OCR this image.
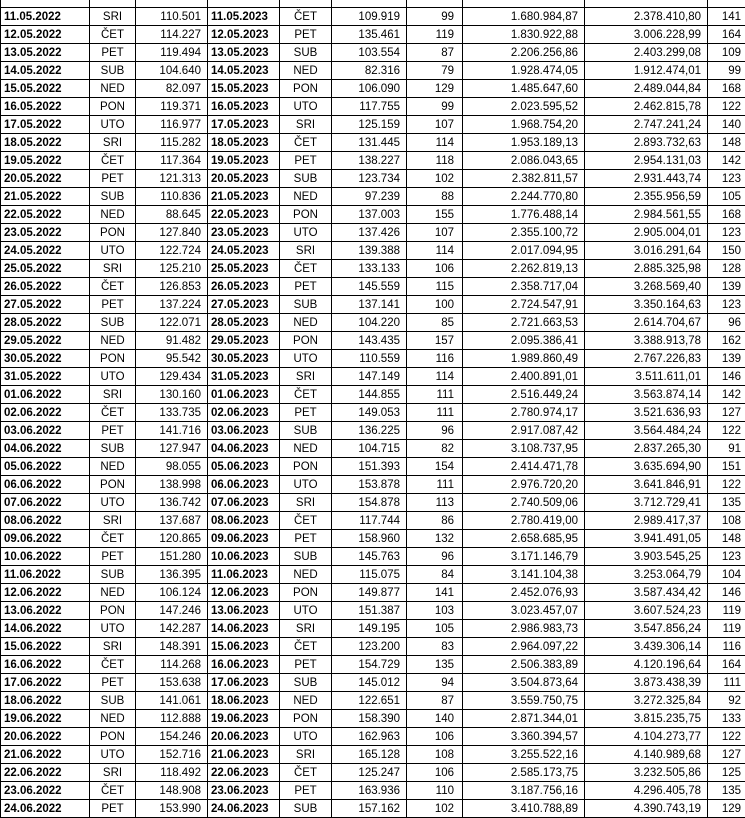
11.05.2022	SRI	110.501	11.05.2023	ČET	109.919	99	1.680.984,87	2.378.410,80	141
12.05.2022	ČET	114.227	12.05.2023	PET	135.461	119	1.830.922,88	3.006.228,99	164
13.05.2022	PET	119.494	13.05.2023	SUB	103.554	87	2.206.256,86	2.403.299,08	109
14.05.2022	SUB	104.640	14.05.2023	NED	82.316	79	1.928.474,05	1.912.474,01	99
15.05.2022	NED	82.097	15.05.2023	PON	106.090	129	1.485.647,60	2.489.044,84	168
16.05.2022	PON	119.371	16.05.2023	UTO	117.755	99	2.023.595,52	2.462.815,78	122
17.05.2022	UTO	116.977	17.05.2023	SRI	125.159	107	1.968.754,20	2.747.241,24	140
18.05.2022	SRI	115.282	18.05.2023	ČET	131.445	114	1.953.189,13	2.893.732,63	148
19.05.2022	ČET	117.364	19.05.2023	PET	138.227	118	2.086.043,65	2.954.131,03	142
20.05.2022	PET	121.313	20.05.2023	SUB	123.734	102	2.382.811,57	2.931.443,74	123
21.05.2022	SUB	110.836	21.05.2023	NED	97.239	88	2.244.770,80	2.355.956,59	105
22.05.2022	NED	88.645	22.05.2023	PON	137.003	155	1.776.488,14	2.984.561,55	168
23.05.2022	PON	127.840	23.05.2023	UTO	137.426	107	2.355.100,72	2.905.004,01	123
24.05.2022	UTO	122.724	24.05.2023	SRI	139.388	114	2.017.094,95	3.016.291,64	150
25.05.2022	SRI	125.210	25.05.2023	ČET	133.133	106	2.262.819,13	2.885.325,98	128
26.05.2022	ČET	126.853	26.05.2023	PET	145.559	115	2.358.717,04	3.268.569,40	139
27.05.2022	PET	137.224	27.05.2023	SUB	137.141	100	2.724.547,91	3.350.164,63	123
28.05.2022	SUB	122.071	28.05.2023	NED	104.220	85	2.721.663,53	2.614.704,67	96
29.05.2022	NED	91.482	29.05.2023	PON	143.435	157	2.095.386,41	3.388.913,78	162
30.05.2022	PON	95.542	30.05.2023	UTO	110.559	116	1.989.860,49	2.767.226,83	139
31.05.2022	UTO	129.434	31.05.2023	SRI	147.149	114	2.400.891,01	3.511.611,01	146
01.06.2022	SRI	130.160	01.06.2023	ČET	144.855	111	2.516.449,24	3.563.874,14	142
02.06.2022	ČET	133.735	02.06.2023	PET	149.053	111	2.780.974,17	3.521.636,93	127
03.06.2022	PET	141.716	03.06.2023	SUB	136.225	96	2.917.087,42	3.564.484,24	122
04.06.2022	SUB	127.947	04.06.2023	NED	104.715	82	3.108.737,95	2.837.265,30	91
05.06.2022	NED	98.055	05.06.2023	PON	151.393	154	2.414.471,78	3.635.694,90	151
06.06.2022	PON	138.998	06.06.2023	UTO	153.878	111	2.976.720,20	3.641.846,91	122
07.06.2022	UTO	136.742	07.06.2023	SRI	154.878	113	2.740.509,06	3.712.729,41	135
08.06.2022	SRI	137.687	08.06.2023	ČET	117.744	86	2.780.419,00	2.989.417,37	108
09.06.2022	ČET	120.865	09.06.2023	PET	158.960	132	2.658.685,95	3.941.491,05	148
10.06.2022	PET	151.280	10.06.2023	SUB	145.763	96	3.171.146,79	3.903.545,25	123
11.06.2022	SUB	136.395	11.06.2023	NED	115.075	84	3.141.104,38	3.253.064,79	104
12.06.2022	NED	106.124	12.06.2023	PON	149.877	141	2.452.076,93	3.587.434,42	146
13.06.2022	PON	147.246	13.06.2023	UTO	151.387	103	3.023.457,07	3.607.524,23	119
14.06.2022	UTO	142.287	14.06.2023	SRI	149.195	105	2.986.983,73	3.547.856,24	119
15.06.2022	SRI	148.391	15.06.2023	ČET	123.200	83	2.964.097,22	3.439.306,14	116
16.06.2022	ČET	114.268	16.06.2023	PET	154.729	135	2.506.383,89	4.120.196,64	164
17.06.2022	PET	153.638	17.06.2023	SUB	145.012	94	3.504.873,64	3.873.438,39	111
18.06.2022	SUB	141.061	18.06.2023	NED	122.651	87	3.559.750,75	3.272.325,84	92
19.06.2022	NED	112.888	19.06.2023	PON	158.390	140	2.871.344,01	3.815.235,75	133
20.06.2022	PON	154.246	20.06.2023	UTO	162.963	106	3.360.394,57	4.104.273,77	122
21.06.2022	UTO	152.716	21.06.2023	SRI	165.128	108	3.255.522,16	4.140.989,68	127
22.06.2022	SRI	118.492	22.06.2023	ČET	125.247	106	2.585.173,75	3.232.505,86	125
23.06.2022	ČET	148.908	23.06.2023	PET	163.936	110	3.187.756,16	4.296.405,78	135
24.06.2022	PET	153.990	24.06.2023	SUB	157.162	102	3.410.788,89	4.390.743,19	129
